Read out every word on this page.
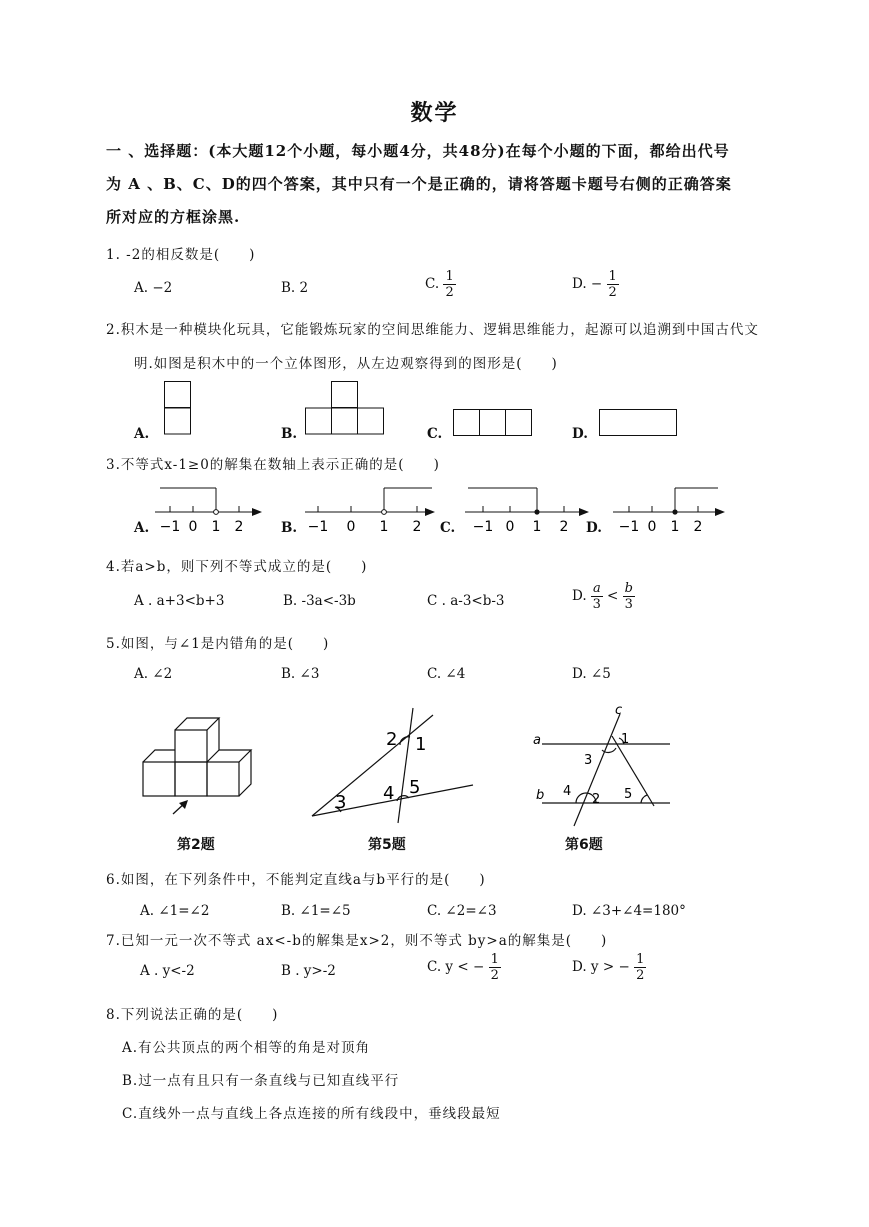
数学
一 、选择题：(本大题12个小题，每小题4分，共48分)在每个小题的下面，都给出代号
为 A 、B、C、D的四个答案，其中只有一个是正确的，请将答题卡题号右侧的正确答案
所对应的方框涂黑.
1. -2的相反数是(　　)
A. −2	B. 2	C. $\frac{1}{2}$	D. − $\frac{1}{2}$
2.积木是一种模块化玩具，它能锻炼玩家的空间思维能力、逻辑思维能力，起源可以追溯到中国古代文
明.如图是积木中的一个立体图形，从左边观察得到的图形是(　　)
A.	B.	C.	D.
3.不等式x-1≥0的解集在数轴上表示正确的是(　　)
A. −1 0 1 2	B. −1 0 1 2 C. −1 0 1 2 D. −1 0 1 2
4.若a>b，则下列不等式成立的是(　　)
A . a+3<b+3	B. -3a<-3b	C . a-3<b-3	D. $\frac{a}{3} < \frac{b}{3}$
5.如图，与∠1是内错角的是(　　)
A. ∠2	B. ∠3	C. ∠4	D. ∠5
第2题
2 1
3 4 5
第5题
a
b
c
1
2
3
4	5
第6题
6.如图，在下列条件中，不能判定直线a与b平行的是(　　)
A. ∠1=∠2	B. ∠1=∠5	C. ∠2=∠3	D. ∠3+∠4=180°
7.已知一元一次不等式 ax<-b的解集是x>2，则不等式 by>a的解集是(　　)
A . y<-2	B . y>-2	C. y < − $\frac{1}{2}$	D. y > − $\frac{1}{2}$
8.下列说法正确的是(　　)
A.有公共顶点的两个相等的角是对顶角
B.过一点有且只有一条直线与已知直线平行
C.直线外一点与直线上各点连接的所有线段中，垂线段最短
